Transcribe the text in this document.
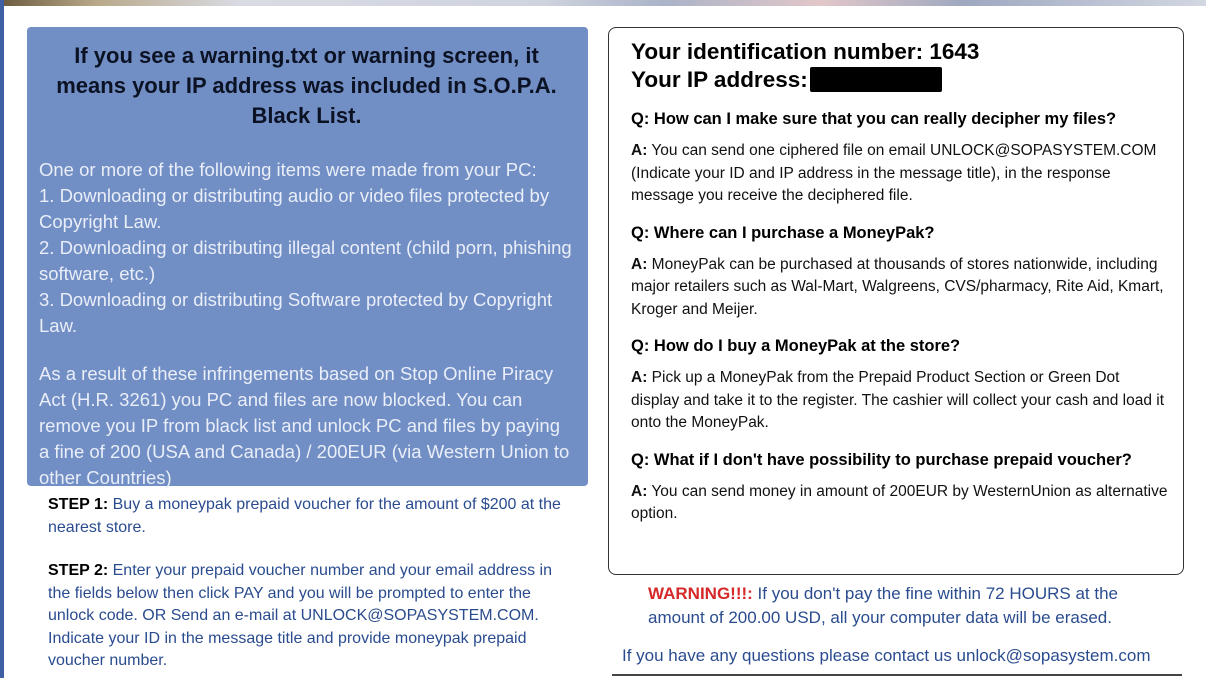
If you see a warning.txt or warning screen, it means your IP address was included in S.O.P.A. Black List.
One or more of the following items were made from your PC:
1. Downloading or distributing audio or video files protected by Copyright Law.
2. Downloading or distributing illegal content (child porn, phishing software, etc.)
3. Downloading or distributing Software protected by Copyright Law.
As a result of these infringements based on Stop Online Piracy Act (H.R. 3261) you PC and files are now blocked. You can remove you IP from black list and unlock PC and files by paying a fine of 200 (USA and Canada) / 200EUR (via Western Union to other Countries)
STEP 1: Buy a moneypak prepaid voucher for the amount of $200 at the nearest store.
STEP 2: Enter your prepaid voucher number and your email address in the fields below then click PAY and you will be prompted to enter the unlock code. OR Send an e-mail at UNLOCK@SOPASYSTEM.COM. Indicate your ID in the message title and provide moneypak prepaid voucher number.

Your identification number: 1643

Your IP address:

Q: How can I make sure that you can really decipher my files?

A: You can send one ciphered file on email UNLOCK@SOPASYSTEM.COM (Indicate your ID and IP address in the message title), in the response message you receive the deciphered file.

Q: Where can I purchase a MoneyPak?

A: MoneyPak can be purchased at thousands of stores nationwide, including major retailers such as Wal-Mart, Walgreens, CVS/pharmacy, Rite Aid, Kmart, Kroger and Meijer.

Q: How do I buy a MoneyPak at the store?

A: Pick up a MoneyPak from the Prepaid Product Section or Green Dot display and take it to the register. The cashier will collect your cash and load it onto the MoneyPak.

Q: What if I don't have possibility to purchase prepaid voucher?

A: You can send money in amount of 200EUR by WesternUnion as alternative option.

WARNING!!!: If you don't pay the fine within 72 HOURS at the amount of 200.00 USD, all your computer data will be erased.
If you have any questions please contact us unlock@sopasystem.com
